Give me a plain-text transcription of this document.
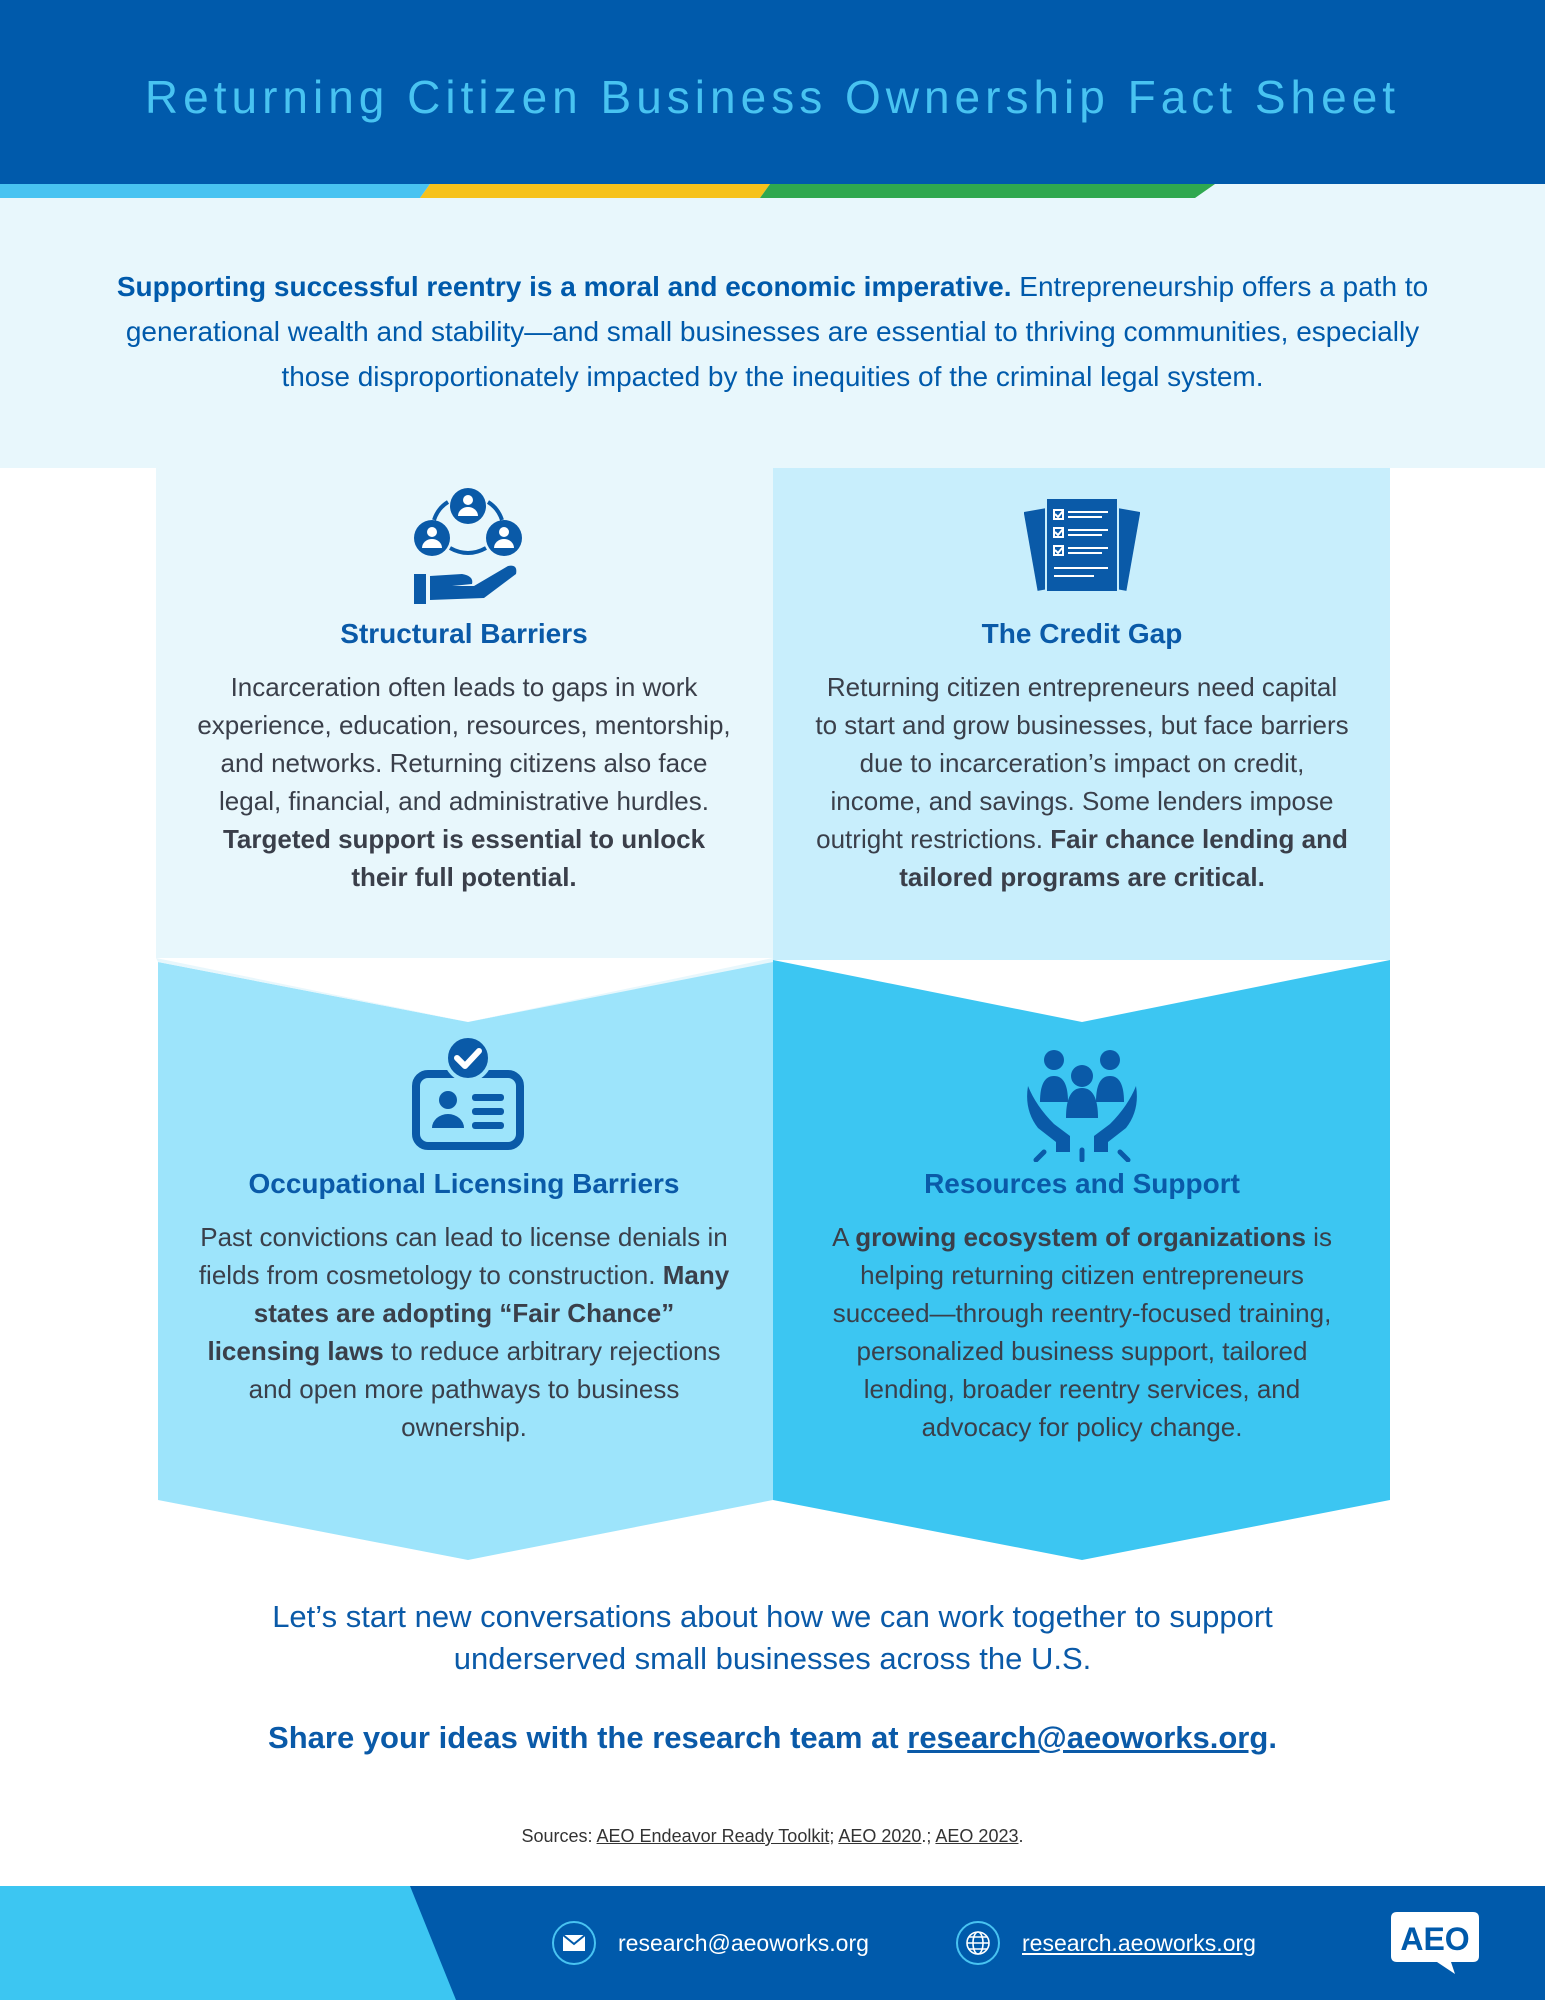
Returning Citizen Business Ownership Fact Sheet

Supporting successful reentry is a moral and economic imperative. Entrepreneurship offers a path to generational wealth and stability—and small businesses are essential to thriving communities, especially those disproportionately impacted by the inequities of the criminal legal system.

Structural Barriers
Incarceration often leads to gaps in work experience, education, resources, mentorship, and networks. Returning citizens also face legal, financial, and administrative hurdles. Targeted support is essential to unlock their full potential.
The Credit Gap
Returning citizen entrepreneurs need capital to start and grow businesses, but face barriers due to incarceration’s impact on credit, income, and savings. Some lenders impose outright restrictions. Fair chance lending and tailored programs are critical.
Occupational Licensing Barriers
Past convictions can lead to license denials in fields from cosmetology to construction. Many states are adopting “Fair Chance” licensing laws to reduce arbitrary rejections and open more pathways to business ownership.
Resources and Support
A growing ecosystem of organizations is helping returning citizen entrepreneurs succeed—through reentry-focused training, personalized business support, tailored lending, broader reentry services, and advocacy for policy change.
Let’s start new conversations about how we can work together to support underserved small businesses across the U.S.
Share your ideas with the research team at research@aeoworks.org.
Sources: AEO Endeavor Ready Toolkit; AEO 2020.; AEO 2023.
research@aeoworks.org	research.aeoworks.org	AEO
